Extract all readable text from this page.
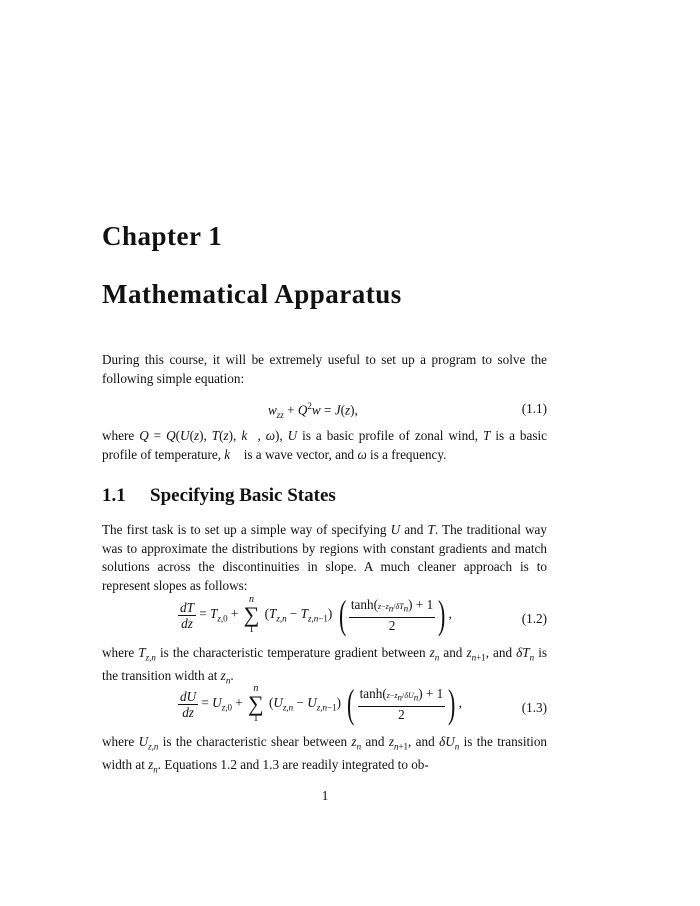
Chapter 1
Mathematical Apparatus
During this course, it will be extremely useful to set up a program to solve the following simple equation:
$w_{zz} + Q^2w = J(z)$,	(1.1)
where Q = Q(U(z), T(z), k⃗, ω), U is a basic profile of zonal wind, T is a basic profile of temperature, k⃗ is a wave vector, and ω is a frequency.
1.1 Specifying Basic States
The first task is to set up a simple way of specifying U and T. The traditional way was to approximate the distributions by regions with constant gradients and match solutions across the discontinuities in slope. A much cleaner approach is to represent slopes as follows:
$\frac{dT}{dz} = T_{z,0} + n$
∑
1 $(T_{z,n} - T_{z,n-1})$ ( $\frac{\tanh(z-z_n/\delta T_n) + 1}{2}$ ) ,	(1.2)
where $T_{z,n}$ is the characteristic temperature gradient between $z_n$ and $z_{n+1}$, and $\delta T_n$ is the transition width at $z_n$.
where $U_{z,n}$ is the characteristic shear between $z_n$ and $z_{n+1}$, and $\delta U_n$ is the transition width at $z_n$. Equations 1.2 and 1.3 are readily integrated to ob-
$\frac{dU}{dz} = U_{z,0} + n$
∑
1 $(U_{z,n} - U_{z,n-1})$ ( $\frac{\tanh(z-z_n/\delta U_n) + 1}{2}$ ) ,	(1.3)
1
